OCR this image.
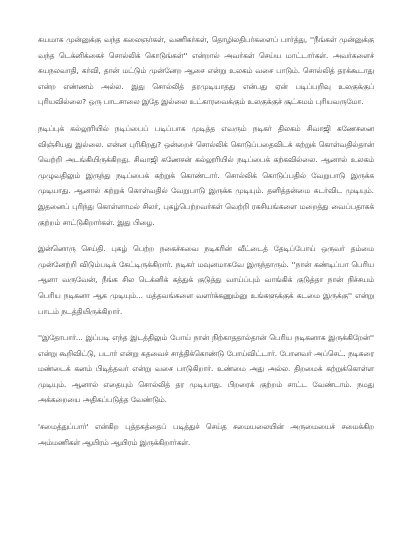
சுயமாக முன்னுக்கு வந்த கலைஞர்கள், வணிகர்கள், தொழிலதிபர்களைப் பார்த்து, ''நீங்கள் முன்னுக்கு வந்த டெக்னிக்கைச் சொல்லிக் கொடுங்கள்'' என்றால் அவர்கள் செய்ய மாட்டார்கள். அவர்களைச் சுயநலவாதி, கர்வி, தான் மட்டும் முன்னேற ஆசை என்று உலகம் வசை பாடும். சொல்லித் தரக்கூடாது என்ற எண்ணம் அல்ல. இது சொல்லித் தரமுடியாதது என்பது ஏன் படிப்பறிவு உலகுக்குப் புரியவில்லை? ஒரு பாடசாலை இதே இல்லை உட்காரவைக்கும் உலகுக்குச் சூட்சுமம் புரியவருமோ.

நடிப்புக் கல்லூரியில் நடிப்பைப் படிப்பாக முடித்த எவரும் நடிகர் திலகம் சிவாஜி கணேசனை விஞ்சியது இல்லை. என்ன புரிகிறது? ஒன்றைச் சொல்லிக் கொடுப்பதைவிடக் கற்றுக் கொள்வதில்தான் வெற்றி அடங்கியிருக்கிறது. சிவாஜி கணேசன் கல்லூரியில் நடிப்பைக் கற்கவில்லை. ஆனால் உலகம் முழுவதிலும் இருந்து நடிப்பைக் கற்றுக் கொண்டார். சொல்லிக் கொடுப்பதில் வேறுபாடு இருக்க முடியாது. ஆனால் கற்றுக் கொள்வதில் வேறுபாடு இருக்க முடியும். தனித்தன்மை சுடர்விட முடியும். இதனைப் புரிந்து கொள்ளாமல் சிலர், புகழ்பெற்றவர்கள் வெற்றி ரகசியங்களை மறைத்து வைப்பதாகக் குற்றம் சாட்டுகிறார்கள். இது பிழை.

இன்னொரு செய்தி. புகழ் பெற்ற நகைச்சுவை நடிகரின் வீட்டைத் தேடிப்போய் ஒருவர் தம்மை முன்னேற்றி விடும்படிக் கேட்டிருக்கிறார். நடிகர் மவுனமாகவே இருந்தாரும். ''நான் கண்டிப்பா பெரிய ஆளா வருவேன், நீங்க சில டெக்னிக் கத்துக் குடுத்து வாய்ப்பும் வாங்கிக் குடுத்தா நான் நிச்சயம் பெரிய நடிகனா ஆக முடியும்... மத்தவங்களை வளர்க்கணும்னு உங்களுக்குக் கடமை இருக்கு'' என்று பாடம் நடத்தியிருக்கிறார்.

''இதோபார்... இப்படி எந்த இடத்திலும் போய் நான் நிற்காததால்தான் பெரிய நடிகனாக இருக்கிறேன்'' என்று கூறிவிட்டு, படார் என்று கதவைச் சாத்திக்கொண்டு போய்விட்டார். போனவர் அப்செட். நடிகரை மண்டைக் கனம் பிடித்தவர் என்று வசை பாடுகிறார். உண்மை அது அல்ல. திறமைக் கற்றுக்கொள்ள முடியும். ஆனால் எதையும் சொல்லித் தர முடியாது. பிறரைக் குற்றம் சாட்ட வேண்டாம். நமது அக்கறையை அதிகப்படுத்த வேண்டும்.

'சமைத்துப்பார்' என்கிற புத்தகத்தைப் படித்துச் செய்த சமையலையின் அருமையைச் சமைக்கிற அம்மணிகள் ஆயிரம் ஆயிரம் இருக்கிறார்கள்.
